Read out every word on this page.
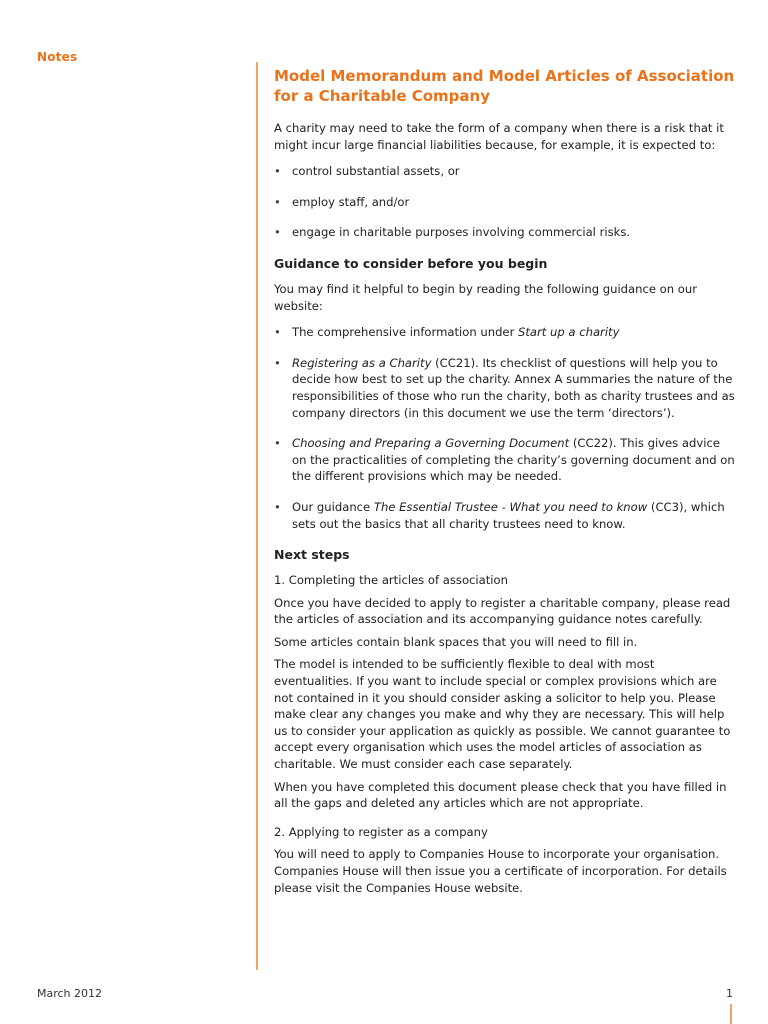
Notes
Model Memorandum and Model Articles of Association for a Charitable Company

A charity may need to take the form of a company when there is a risk that it might incur large financial liabilities because, for example, it is expected to:

• control substantial assets, or
• employ staff, and/or
• engage in charitable purposes involving commercial risks.
Guidance to consider before you begin

You may find it helpful to begin by reading the following guidance on our website:

• The comprehensive information under Start up a charity
• Registering as a Charity (CC21). Its checklist of questions will help you to decide how best to set up the charity. Annex A summaries the nature of the responsibilities of those who run the charity, both as charity trustees and as company directors (in this document we use the term ‘directors’).
• Choosing and Preparing a Governing Document (CC22). This gives advice on the practicalities of completing the charity’s governing document and on the different provisions which may be needed.
• Our guidance The Essential Trustee - What you need to know (CC3), which sets out the basics that all charity trustees need to know.
Next steps

1. Completing the articles of association

Once you have decided to apply to register a charitable company, please read the articles of association and its accompanying guidance notes carefully.

Some articles contain blank spaces that you will need to fill in.

The model is intended to be sufficiently flexible to deal with most eventualities. If you want to include special or complex provisions which are not contained in it you should consider asking a solicitor to help you. Please make clear any changes you make and why they are necessary. This will help us to consider your application as quickly as possible. We cannot guarantee to accept every organisation which uses the model articles of association as charitable. We must consider each case separately.

When you have completed this document please check that you have filled in all the gaps and deleted any articles which are not appropriate.

2. Applying to register as a company

You will need to apply to Companies House to incorporate your organisation. Companies House will then issue you a certificate of incorporation. For details please visit the Companies House website.

March 2012	1
